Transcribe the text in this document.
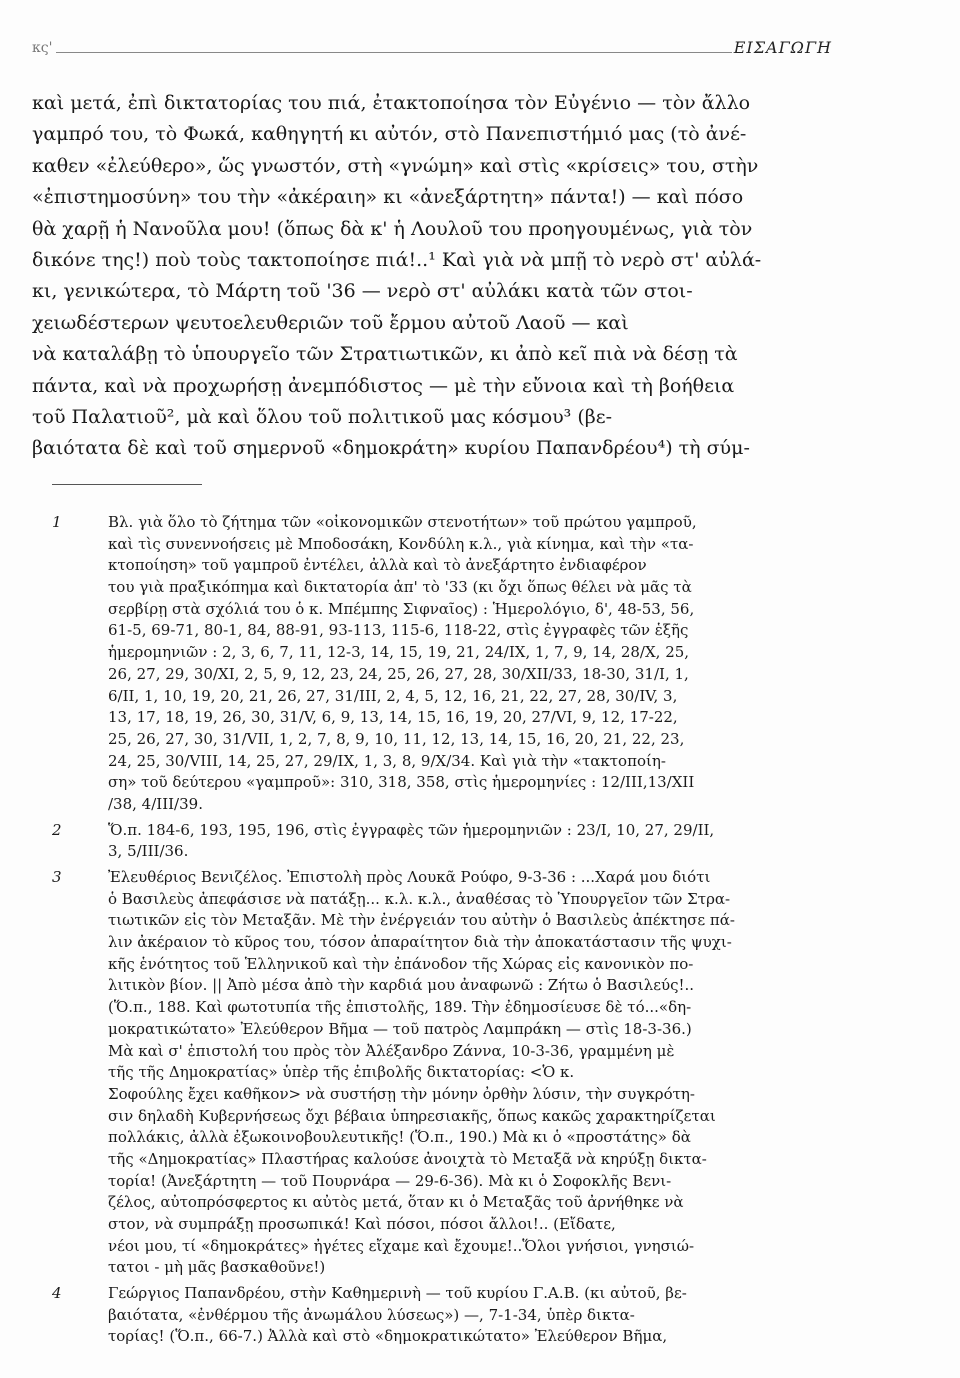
κς'	ΕΙΣΑΓΩΓΗ
καὶ μετά, ἐπὶ δικτατορίας του πιά, ἐτακτοποίησα τὸν Εὐγένιο — τὸν ἄλλο
γαμπρό του, τὸ Φωκά, καθηγητή κι αὐτόν, στὸ Πανεπιστήμιό μας (τὸ ἀνέ-
καθεν «ἐλεύθερο», ὥς γνωστόν, στὴ «γνώμη» καὶ στὶς «κρίσεις» του, στὴν
«ἐπιστημοσύνη» του τὴν «ἀκέραιη» κι «ἀνεξάρτητη» πάντα!) — καὶ πόσο
θὰ χαρῇ ἡ Νανοῦλα μου! (ὅπως δὰ κ' ἡ Λουλοῦ του προηγουμένως, γιὰ τὸν
δικόνε της!) ποὺ τοὺς τακτοποίησε πιά!..¹ Καὶ γιὰ νὰ μπῇ τὸ νερὸ στ' αὐλά-
κι, γενικώτερα, τὸ Μάρτη τοῦ '36 — νερὸ στ' αὐλάκι κατὰ τῶν στοι-
χειωδέστερων ψευτοελευθεριῶν τοῦ ἔρμου αὐτοῦ Λαοῦ — καὶ
νὰ καταλάβῃ τὸ ὑπουργεῖο τῶν Στρατιωτικῶν, κι ἀπὸ κεῖ πιὰ νὰ δέσῃ τὰ
πάντα, καὶ νὰ προχωρήσῃ ἀνεμπόδιστος — μὲ τὴν εὔνοια καὶ τὴ βοήθεια
τοῦ Παλατιοῦ², μὰ καὶ ὅλου τοῦ πολιτικοῦ μας κόσμου³ (βε-
βαιότατα δὲ καὶ τοῦ σημερνοῦ «δημοκράτη» κυρίου Παπανδρέου⁴) τὴ σύμ-
1	Βλ. γιὰ ὅλο τὸ ζήτημα τῶν «οἰκονομικῶν στενοτήτων» τοῦ πρώτου γαμπροῦ,
καὶ τὶς συνεννοήσεις μὲ Μποδοσάκη, Κονδύλη κ.λ., γιὰ κίνημα, καὶ τὴν «τα-
κτοποίηση» τοῦ γαμπροῦ ἐντέλει, ἀλλὰ καὶ τὸ ἀνεξάρτητο ἐνδιαφέρον
του γιὰ πραξικόπημα καὶ δικτατορία ἀπ' τὸ '33 (κι ὄχι ὅπως θέλει νὰ μᾶς τὰ
σερβίρῃ στὰ σχόλιά του ὁ κ. Μπέμπης Σιφναῖος) : Ἡμερολόγιο, δ', 48-53, 56,
61-5, 69-71, 80-1, 84, 88-91, 93-113, 115-6, 118-22, στὶς ἐγγραφὲς τῶν ἑξῆς
ἡμερομηνιῶν : 2, 3, 6, 7, 11, 12-3, 14, 15, 19, 21, 24/IX, 1, 7, 9, 14, 28/X, 25,
26, 27, 29, 30/XI, 2, 5, 9, 12, 23, 24, 25, 26, 27, 28, 30/XII/33, 18-30, 31/I, 1,
6/II, 1, 10, 19, 20, 21, 26, 27, 31/III, 2, 4, 5, 12, 16, 21, 22, 27, 28, 30/IV, 3,
13, 17, 18, 19, 26, 30, 31/V, 6, 9, 13, 14, 15, 16, 19, 20, 27/VI, 9, 12, 17-22,
25, 26, 27, 30, 31/VII, 1, 2, 7, 8, 9, 10, 11, 12, 13, 14, 15, 16, 20, 21, 22, 23,
24, 25, 30/VIII, 14, 25, 27, 29/IX, 1, 3, 8, 9/X/34. Καὶ γιὰ τὴν «τακτοποίη-
ση» τοῦ δεύτερου «γαμπροῦ»: 310, 318, 358, στὶς ἡμερομηνίες : 12/III,13/XII
/38, 4/III/39.
2	Ὅ.π. 184-6, 193, 195, 196, στὶς ἐγγραφὲς τῶν ἡμερομηνιῶν : 23/I, 10, 27, 29/II,
3, 5/III/36.
3	Ἐλευθέριος Βενιζέλος. Ἐπιστολὴ πρὸς Λουκᾶ Ρούφο, 9-3-36 : ...Χαρά μου διότι
ὁ Βασιλεὺς ἀπεφάσισε νὰ πατάξῃ... κ.λ. κ.λ., ἀναθέσας τὸ Ὑπουργεῖον τῶν Στρα-
τιωτικῶν εἰς τὸν Μεταξᾶν. Μὲ τὴν ἐνέργειάν του αὐτὴν ὁ Βασιλεὺς ἀπέκτησε πά-
λιν ἀκέραιον τὸ κῦρος του, τόσον ἀπαραίτητον διὰ τὴν ἀποκατάστασιν τῆς ψυχι-
κῆς ἑνότητος τοῦ Ἑλληνικοῦ καὶ τὴν ἐπάνοδον τῆς Χώρας εἰς κανονικὸν πο-
λιτικὸν βίον. || Ἀπὸ μέσα ἀπὸ τὴν καρδιά μου ἀναφωνῶ : Ζήτω ὁ Βασιλεύς!..
(Ὅ.π., 188. Καὶ φωτοτυπία τῆς ἐπιστολῆς, 189. Τὴν ἐδημοσίευσε δὲ τό...«δη-
μοκρατικώτατο» Ἐλεύθερον Βῆμα — τοῦ πατρὸς Λαμπράκη — στὶς 18-3-36.)
Μὰ καὶ σ' ἐπιστολή του πρὸς τὸν Ἀλέξανδρο Ζάννα, 10-3-36, γραμμένη μὲ
τῆς τῆς Δημοκρατίας» ὑπὲρ τῆς ἐπιβολῆς δικτατορίας: <Ὁ κ.
Σοφούλης ἔχει καθῆκον> νὰ συστήσῃ τὴν μόνην ὀρθὴν λύσιν, τὴν συγκρότη-
σιν δηλαδὴ Κυβερνήσεως ὄχι βέβαια ὑπηρεσιακῆς, ὅπως κακῶς χαρακτηρίζεται
πολλάκις, ἀλλὰ ἐξωκοινοβουλευτικῆς! (Ὅ.π., 190.) Μὰ κι ὁ «προστάτης» δὰ
τῆς «Δημοκρατίας» Πλαστήρας καλούσε ἀνοιχτὰ τὸ Μεταξᾶ νὰ κηρύξῃ δικτα-
τορία! (Ἀνεξάρτητη — τοῦ Πουρνάρα — 29-6-36). Μὰ κι ὁ Σοφοκλῆς Βενι-
ζέλος, αὐτοπρόσφερτος κι αὐτὸς μετά, ὅταν κι ὁ Μεταξᾶς τοῦ ἀρνήθηκε νὰ
στον, νὰ συμπράξῃ προσωπικά! Καὶ πόσοι, πόσοι ἄλλοι!.. (Εἴδατε,
νέοι μου, τί «δημοκράτες» ἠγέτες εἴχαμε καὶ ἔχουμε!..Ὅλοι γνήσιοι, γνησιώ-
τατοι - μὴ μᾶς βασκαθοῦνε!)
4	Γεώργιος Παπανδρέου, στὴν Καθημερινὴ — τοῦ κυρίου Γ.Α.Β. (κι αὐτοῦ, βε-
βαιότατα, «ἐνθέρμου τῆς ἀνωμάλου λύσεως») —, 7-1-34, ὑπὲρ δικτα-
τορίας! (Ὅ.π., 66-7.) Ἀλλὰ καὶ στὸ «δημοκρατικώτατο» Ἐλεύθερον Βῆμα,
